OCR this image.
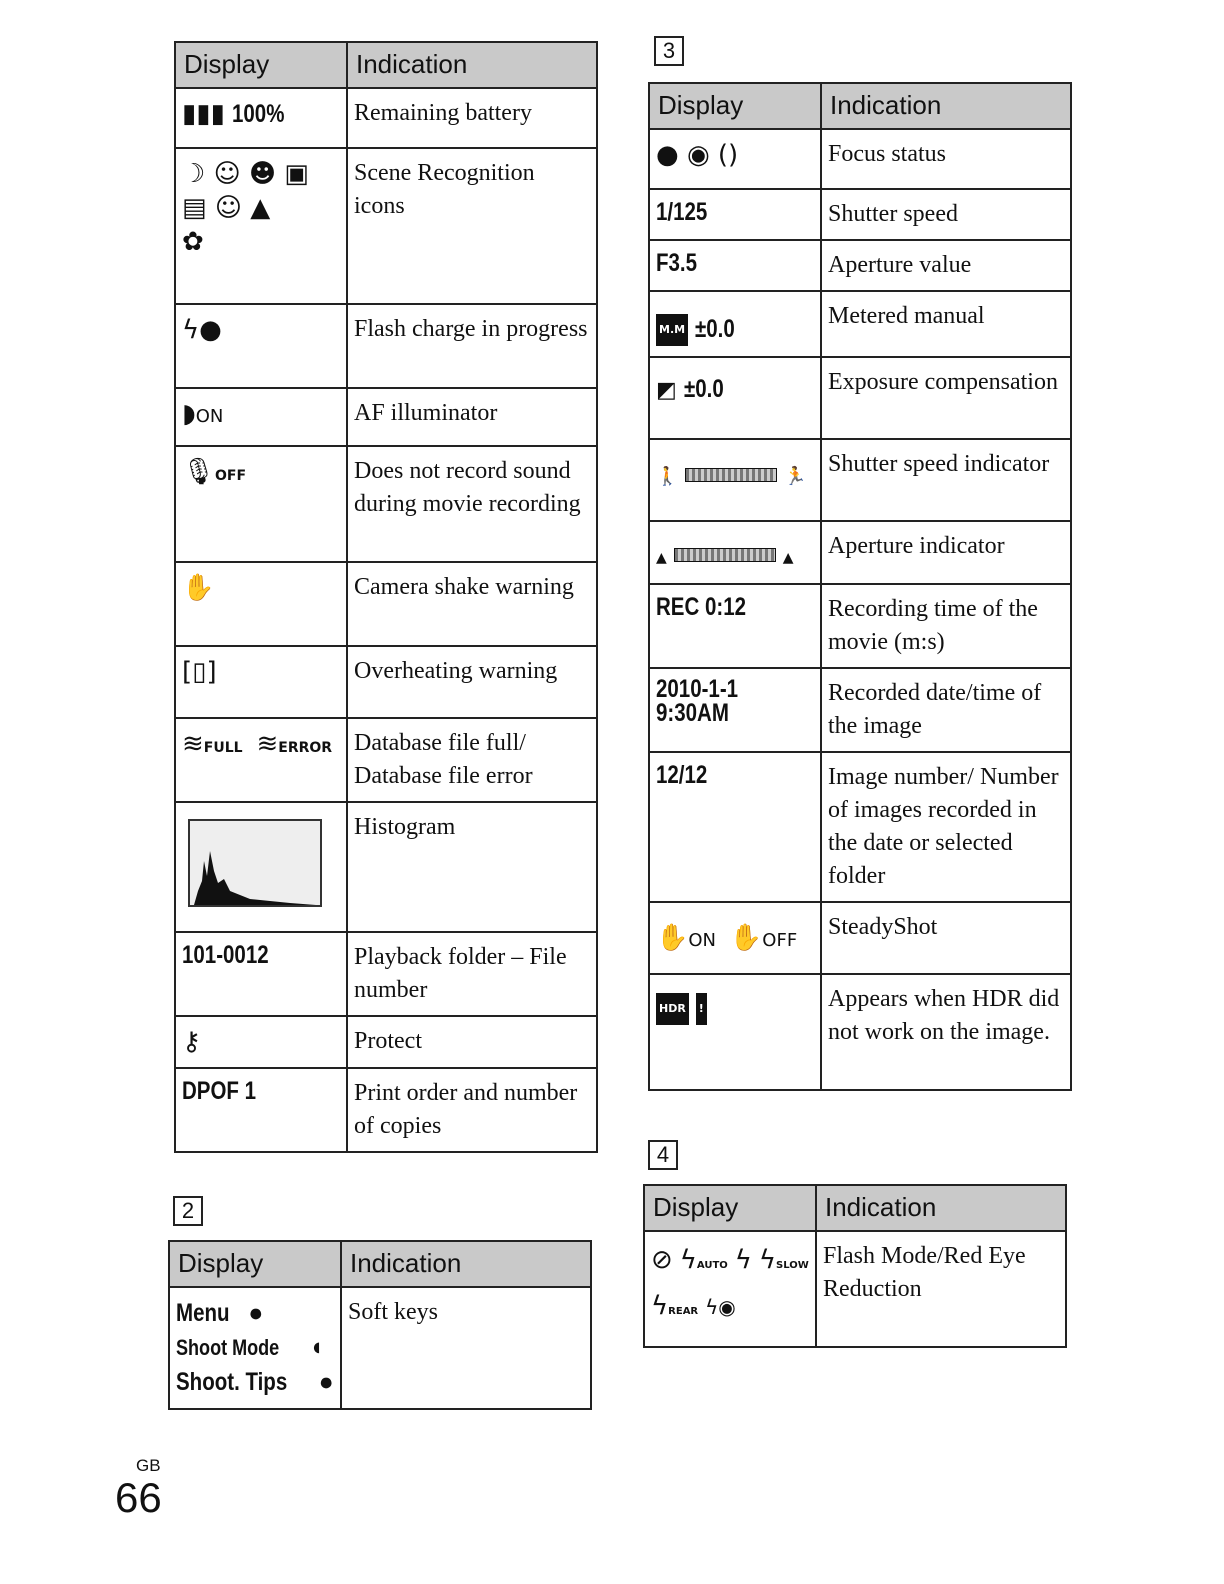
Display	Indication
▮▮▮ 100%	Remaining battery

☽ ☺ ☻ ▣
▤ ☺ ▲
✿	Scene Recognition icons
ϟ●	Flash charge in progress
◗ON	AF illuminator
🎙OFF	Does not record sound during movie recording
✋	Camera shake warning
[▯]	Overheating warning
≋FULL ≋ERROR	Database file full/ Database file error

	Histogram
101-0012	Playback folder – File number
⚷	Protect
DPOF 1	Print order and number of copies
2
Display	Indication
Menu ●
Shoot Mode ◖
Shoot. Tips ●	Soft keys
3
Display	Indication
● ◉ ()	Focus status
1/125	Shutter speed
F3.5	Aperture value
M.M ±0.0	Metered manual
◩ ±0.0	Exposure compensation
🚶 🏃	Shutter speed indicator
▲ ▲	Aperture indicator
REC 0:12	Recording time of the movie (m:s)
2010-1-1
9:30AM	Recorded date/time of the image
12/12	Image number/ Number of images recorded in the date or selected folder
✋ON ✋OFF	SteadyShot
HDR !	Appears when HDR did not work on the image.
4
Display	Indication
⊘ ϟAUTO ϟ ϟSLOW
ϟREAR ϟ◉	Flash Mode/Red Eye Reduction
GB
66
